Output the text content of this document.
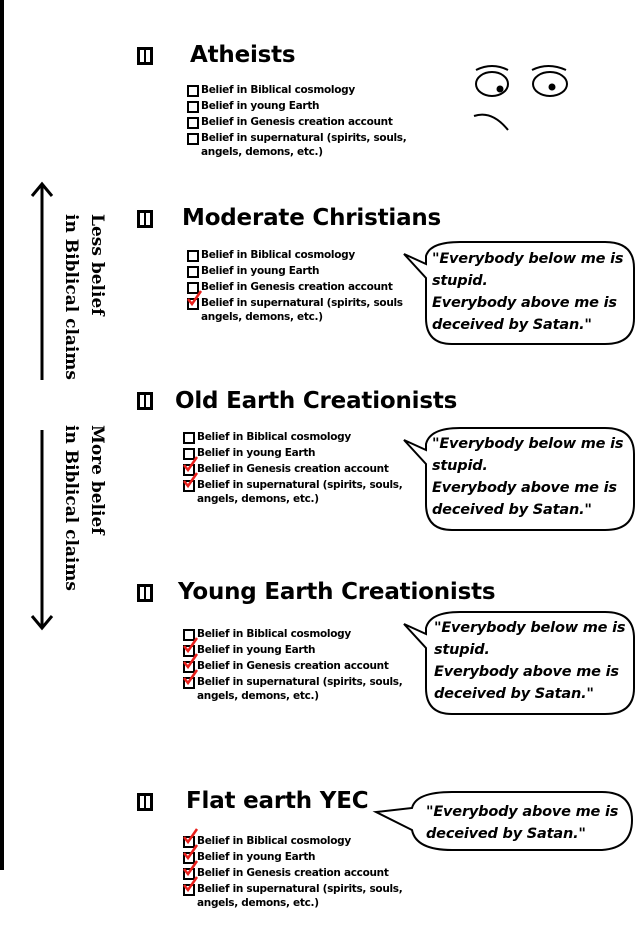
Less belief
in Biblical claims
More belief
in Biblical claims
Atheists
Belief in Biblical cosmology
Belief in young Earth
Belief in Genesis creation account
Belief in supernatural (spirits, souls, angels, demons, etc.)
Moderate Christians
Belief in Biblical cosmology
Belief in young Earth
Belief in Genesis creation account
Belief in supernatural (spirits, souls angels, demons, etc.)
Old Earth Creationists
Belief in Biblical cosmology
Belief in young Earth
Belief in Genesis creation account
Belief in supernatural (spirits, souls, angels, demons, etc.)
Young Earth Creationists
Belief in Biblical cosmology
Belief in young Earth
Belief in Genesis creation account
Belief in supernatural (spirits, souls, angels, demons, etc.)
Flat earth YEC
Belief in Biblical cosmology
Belief in young Earth
Belief in Genesis creation account
Belief in supernatural (spirits, souls, angels, demons, etc.)
"Everybody below me is
stupid.
Everybody above me is
deceived by Satan."
"Everybody below me is
stupid.
Everybody above me is
deceived by Satan."
"Everybody below me is
stupid.
Everybody above me is
deceived by Satan."
"Everybody above me is
deceived by Satan."
